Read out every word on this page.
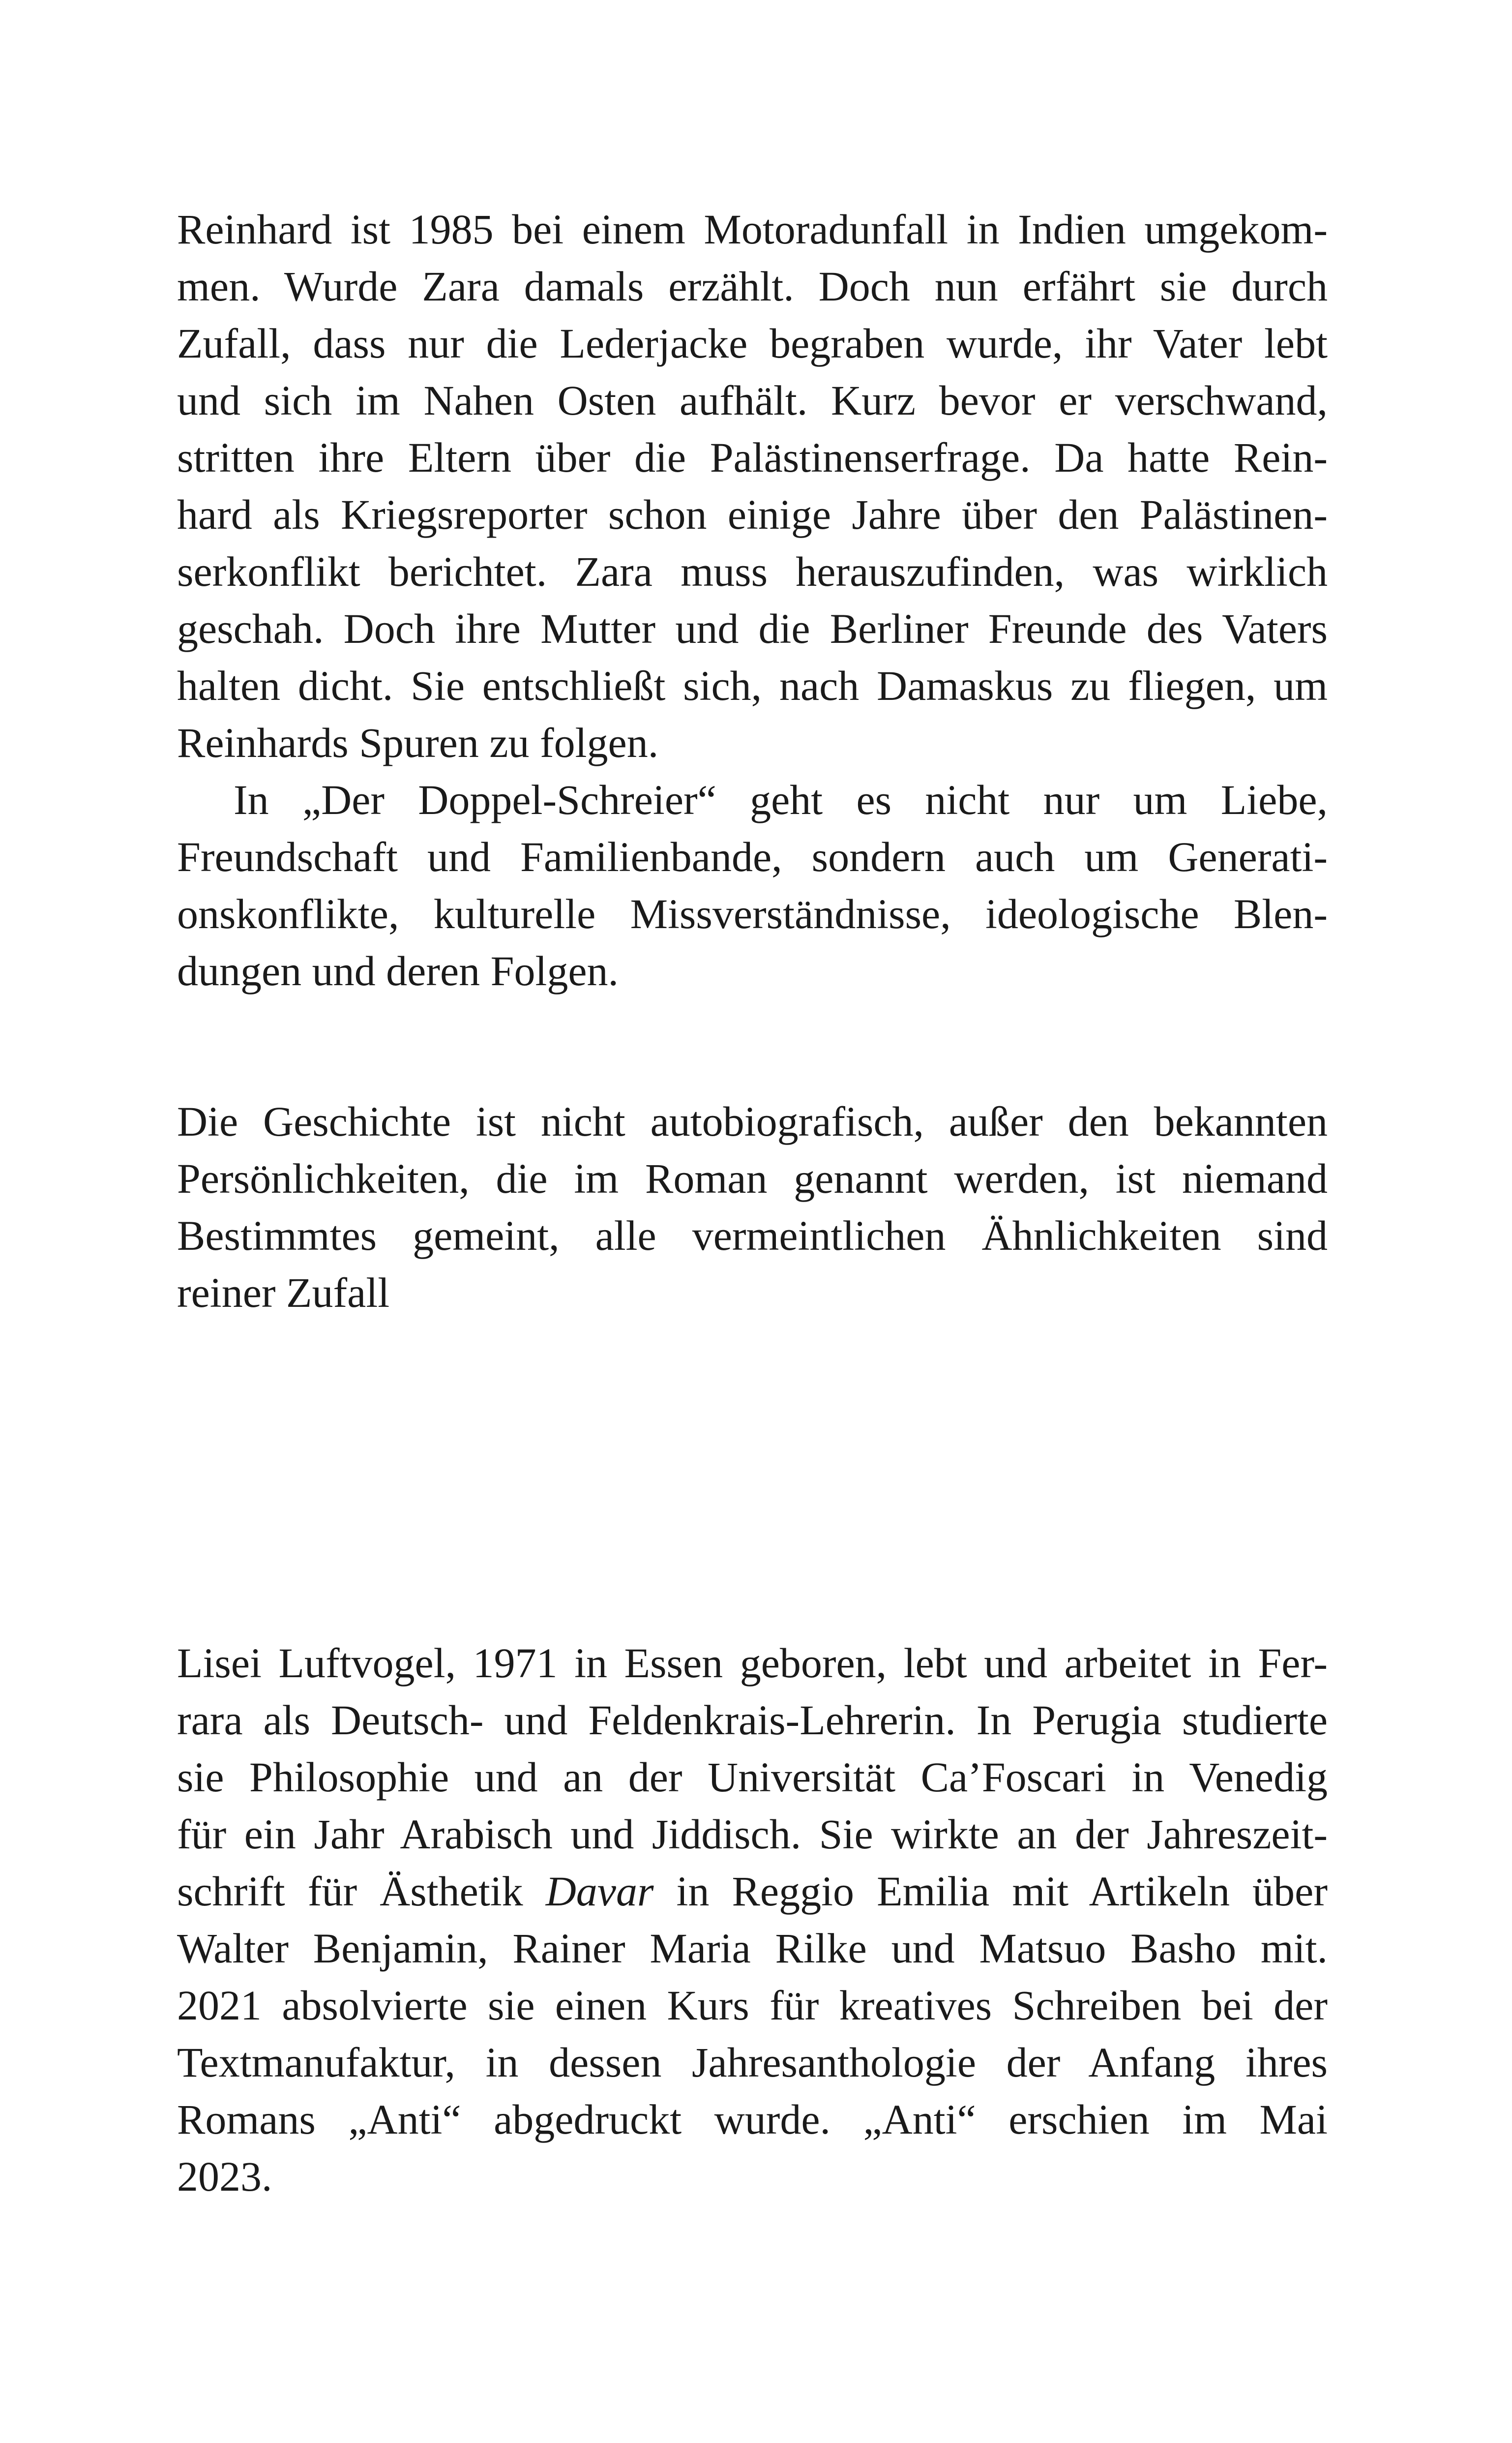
Reinhard ist 1985 bei einem Motoradunfall in Indien umgekom-
men. Wurde Zara damals erzählt. Doch nun erfährt sie durch
Zufall, dass nur die Lederjacke begraben wurde, ihr Vater lebt
und sich im Nahen Osten aufhält. Kurz bevor er verschwand,
stritten ihre Eltern über die Palästinenserfrage. Da hatte Rein-
hard als Kriegsreporter schon einige Jahre über den Palästinen-
serkonflikt berichtet. Zara muss herauszufinden, was wirklich
geschah. Doch ihre Mutter und die Berliner Freunde des Vaters
halten dicht. Sie entschließt sich, nach Damaskus zu fliegen, um
Reinhards Spuren zu folgen.
In „Der Doppel-Schreier“ geht es nicht nur um Liebe,
Freundschaft und Familienbande, sondern auch um Generati-
onskonflikte, kulturelle Missverständnisse, ideologische Blen-
dungen und deren Folgen.
Die Geschichte ist nicht autobiografisch, außer den bekannten
Persönlichkeiten, die im Roman genannt werden, ist niemand
Bestimmtes gemeint, alle vermeintlichen Ähnlichkeiten sind
reiner Zufall
Lisei Luftvogel, 1971 in Essen geboren, lebt und arbeitet in Fer-
rara als Deutsch- und Feldenkrais-Lehrerin. In Perugia studierte
sie Philosophie und an der Universität Ca’Foscari in Venedig
für ein Jahr Arabisch und Jiddisch. Sie wirkte an der Jahreszeit-
schrift für Ästhetik Davar in Reggio Emilia mit Artikeln über
Walter Benjamin, Rainer Maria Rilke und Matsuo Basho mit.
2021 absolvierte sie einen Kurs für kreatives Schreiben bei der
Textmanufaktur, in dessen Jahresanthologie der Anfang ihres
Romans „Anti“ abgedruckt wurde. „Anti“ erschien im Mai
2023.
